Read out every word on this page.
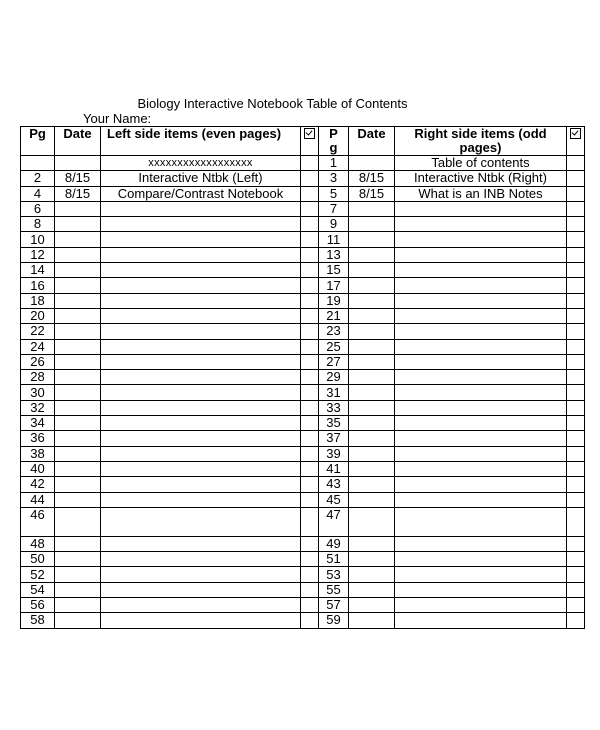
Biology Interactive Notebook Table of Contents
Your Name:
Pg	Date	Left side items (even pages)		P g	Date	Right side items (odd pages)	
		xxxxxxxxxxxxxxxxxx		1		Table of contents	
2	8/15	Interactive Ntbk (Left)		3	8/15	Interactive Ntbk (Right)	
4	8/15	Compare/Contrast Notebook		5	8/15	What is an INB Notes	
6				7			
8				9			
10				11			
12				13			
14				15			
16				17			
18				19			
20				21			
22				23			
24				25			
26				27			
28				29			
30				31			
32				33			
34				35			
36				37			
38				39			
40				41			
42				43			
44				45			
46				47			
48				49			
50				51			
52				53			
54				55			
56				57			
58				59			
